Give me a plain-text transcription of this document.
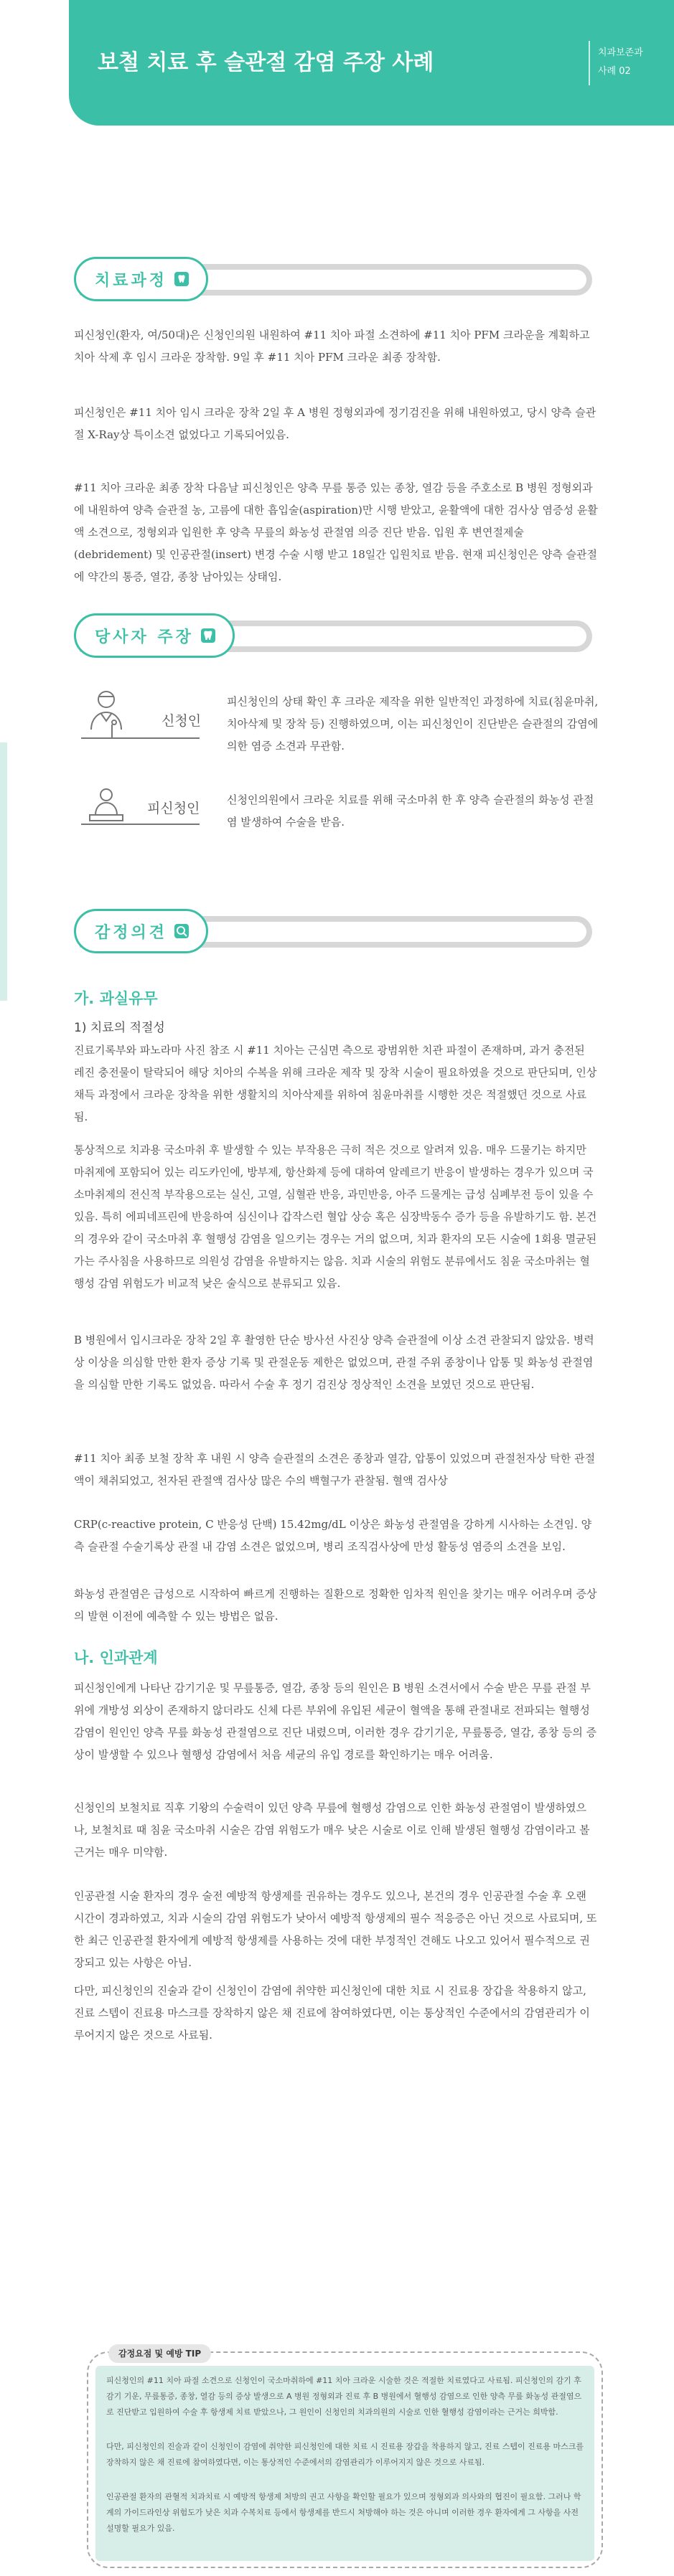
보철 치료 후 슬관절 감염 주장 사례	치과보존과
사례 02
치료과정
피신청인(환자, 여/50대)은 신청인의원 내원하여 #11 치아 파절 소견하에 #11 치아 PFM 크라운을 계획하고 치아 삭제 후 임시 크라운 장착함. 9일 후 #11 치아 PFM 크라운 최종 장착함.
피신청인은 #11 치아 임시 크라운 장착 2일 후 A 병원 정형외과에 정기검진을 위해 내원하였고, 당시 양측 슬관절 X-Ray상 특이소견 없었다고 기록되어있음.
#11 치아 크라운 최종 장착 다음날 피신청인은 양측 무릎 통증 있는 종창, 열감 등을 주호소로 B 병원 정형외과에 내원하여 양측 슬관절 농, 고름에 대한 흡입술(aspiration)만 시행 받았고, 윤활액에 대한 검사상 염증성 윤활액 소견으로, 정형외과 입원한 후 양측 무릎의 화농성 관절염 의증 진단 받음. 입원 후 변연절제술(debridement) 및 인공관절(insert) 변경 수술 시행 받고 18일간 입원치료 받음. 현재 피신청인은 양측 슬관절에 약간의 통증, 열감, 종창 남아있는 상태임.
당사자 주장
신청인
피신청인의 상태 확인 후 크라운 제작을 위한 일반적인 과정하에 치료(침윤마취, 치아삭제 및 장착 등) 진행하였으며, 이는 피신청인이 진단받은 슬관절의 감염에 의한 염증 소견과 무관함.
피신청인
신청인의원에서 크라운 치료를 위해 국소마취 한 후 양측 슬관절의 화농성 관절염 발생하여 수술을 받음.
감정의견
가. 과실유무
1) 치료의 적절성
진료기록부와 파노라마 사진 참조 시 #11 치아는 근심면 측으로 광범위한 치관 파절이 존재하며, 과거 충전된 레진 충전물이 탈락되어 해당 치아의 수복을 위해 크라운 제작 및 장착 시술이 필요하였을 것으로 판단되며, 인상채득 과정에서 크라운 장착을 위한 생활치의 치아삭제를 위하여 침윤마취를 시행한 것은 적절했던 것으로 사료됨.
통상적으로 치과용 국소마취 후 발생할 수 있는 부작용은 극히 적은 것으로 알려져 있음. 매우 드물기는 하지만 마취제에 포함되어 있는 리도카인에, 방부제, 항산화제 등에 대하여 알레르기 반응이 발생하는 경우가 있으며 국소마취제의 전신적 부작용으로는 실신, 고열, 심혈관 반응, 과민반응, 아주 드물게는 급성 심폐부전 등이 있을 수 있음. 특히 에피네프린에 반응하여 심신이나 갑작스런 혈압 상승 혹은 심장박동수 증가 등을 유발하기도 함. 본건의 경우와 같이 국소마취 후 혈행성 감염을 일으키는 경우는 거의 없으며, 치과 환자의 모든 시술에 1회용 멸균된 가는 주사침을 사용하므로 의원성 감염을 유발하지는 않음. 치과 시술의 위험도 분류에서도 침윤 국소마취는 혈행성 감염 위험도가 비교적 낮은 술식으로 분류되고 있음.
B 병원에서 입시크라운 장착 2일 후 촬영한 단순 방사선 사진상 양측 슬관절에 이상 소견 관찰되지 않았음. 병력상 이상을 의심할 만한 환자 증상 기록 및 관절운동 제한은 없었으며, 관절 주위 종창이나 압통 및 화농성 관절염을 의심할 만한 기록도 없었음. 따라서 수술 후 정기 검진상 정상적인 소견을 보였던 것으로 판단됨.
#11 치아 최종 보철 장착 후 내원 시 양측 슬관절의 소견은 종창과 열감, 압통이 있었으며 관절천자상 탁한 관절액이 채취되었고, 천자된 관절액 검사상 많은 수의 백혈구가 관찰됨. 혈액 검사상
CRP(c-reactive protein, C 반응성 단백) 15.42mg/dL 이상은 화농성 관절염을 강하게 시사하는 소견임. 양측 슬관절 수술기록상 관절 내 감염 소견은 없었으며, 병리 조직검사상에 만성 활동성 염증의 소견을 보임.
화농성 관절염은 급성으로 시작하여 빠르게 진행하는 질환으로 정확한 임차적 원인을 찾기는 매우 어려우며 증상의 발현 이전에 예측할 수 있는 방법은 없음.
나. 인과관계
피신청인에게 나타난 감기기운 및 무릎통증, 열감, 종창 등의 원인은 B 병원 소견서에서 수술 받은 무릎 관절 부위에 개방성 외상이 존재하지 않더라도 신체 다른 부위에 유입된 세균이 혈액을 통해 관절내로 전파되는 혈행성 감염이 원인인 양측 무릎 화농성 관절염으로 진단 내렸으며, 이러한 경우 감기기운, 무릎통증, 열감, 종창 등의 증상이 발생할 수 있으나 혈행성 감염에서 처음 세균의 유입 경로를 확인하기는 매우 어려움.
신청인의 보철치료 직후 기왕의 수술력이 있던 양측 무릎에 혈행성 감염으로 인한 화농성 관절염이 발생하였으나, 보철치료 때 침윤 국소마취 시술은 감염 위험도가 매우 낮은 시술로 이로 인해 발생된 혈행성 감염이라고 볼 근거는 매우 미약함.
인공관절 시술 환자의 경우 술전 예방적 항생제를 권유하는 경우도 있으나, 본건의 경우 인공관절 수술 후 오랜 시간이 경과하였고, 치과 시술의 감염 위험도가 낮아서 예방적 항생제의 필수 적응증은 아닌 것으로 사료되며, 또한 최근 인공관절 환자에게 예방적 항생제를 사용하는 것에 대한 부정적인 견해도 나오고 있어서 필수적으로 권장되고 있는 사항은 아님.
다만, 피신청인의 진술과 같이 신청인이 감염에 취약한 피신청인에 대한 치료 시 진료용 장갑을 착용하지 않고, 진료 스텝이 진료용 마스크를 장착하지 않은 채 진료에 참여하였다면, 이는 통상적인 수준에서의 감염관리가 이루어지지 않은 것으로 사료됨.
감정요점 및 예방 TIP
피신청인의 #11 치아 파절 소견으로 신청인이 국소마취하에 #11 치아 크라운 시술한 것은 적절한 치료였다고 사료됨. 피신청인의 감기 후 감기 기운, 무릎통증, 종창, 열감 등의 증상 발생으로 A 병원 정형외과 진료 후 B 병원에서 혈행성 감염으로 인한 양측 무릎 화농성 관절염으로 진단받고 입원하여 수술 후 항생제 치료 받았으나, 그 원인이 신청인의 치과의원의 시술로 인한 혈행성 감염이라는 근거는 희박함.
다만, 피신청인의 진술과 같이 신청인이 감염에 취약한 피신청인에 대한 치료 시 진료용 장갑을 착용하지 않고, 진료 스텝이 진료용 마스크를 장착하지 않은 채 진료에 참여하였다면, 이는 통상적인 수준에서의 감염관리가 이루어지지 않은 것으로 사료됨.
인공관절 환자의 관혈적 치과치료 시 예방적 항생제 처방의 권고 사항을 확인할 필요가 있으며 정형외과 의사와의 협진이 필요함. 그러나 학계의 가이드라인상 위험도가 낮은 치과 수복치료 등에서 항생제를 반드시 처방해야 하는 것은 아니며 이러한 경우 환자에게 그 사항을 사전 설명할 필요가 있음.
